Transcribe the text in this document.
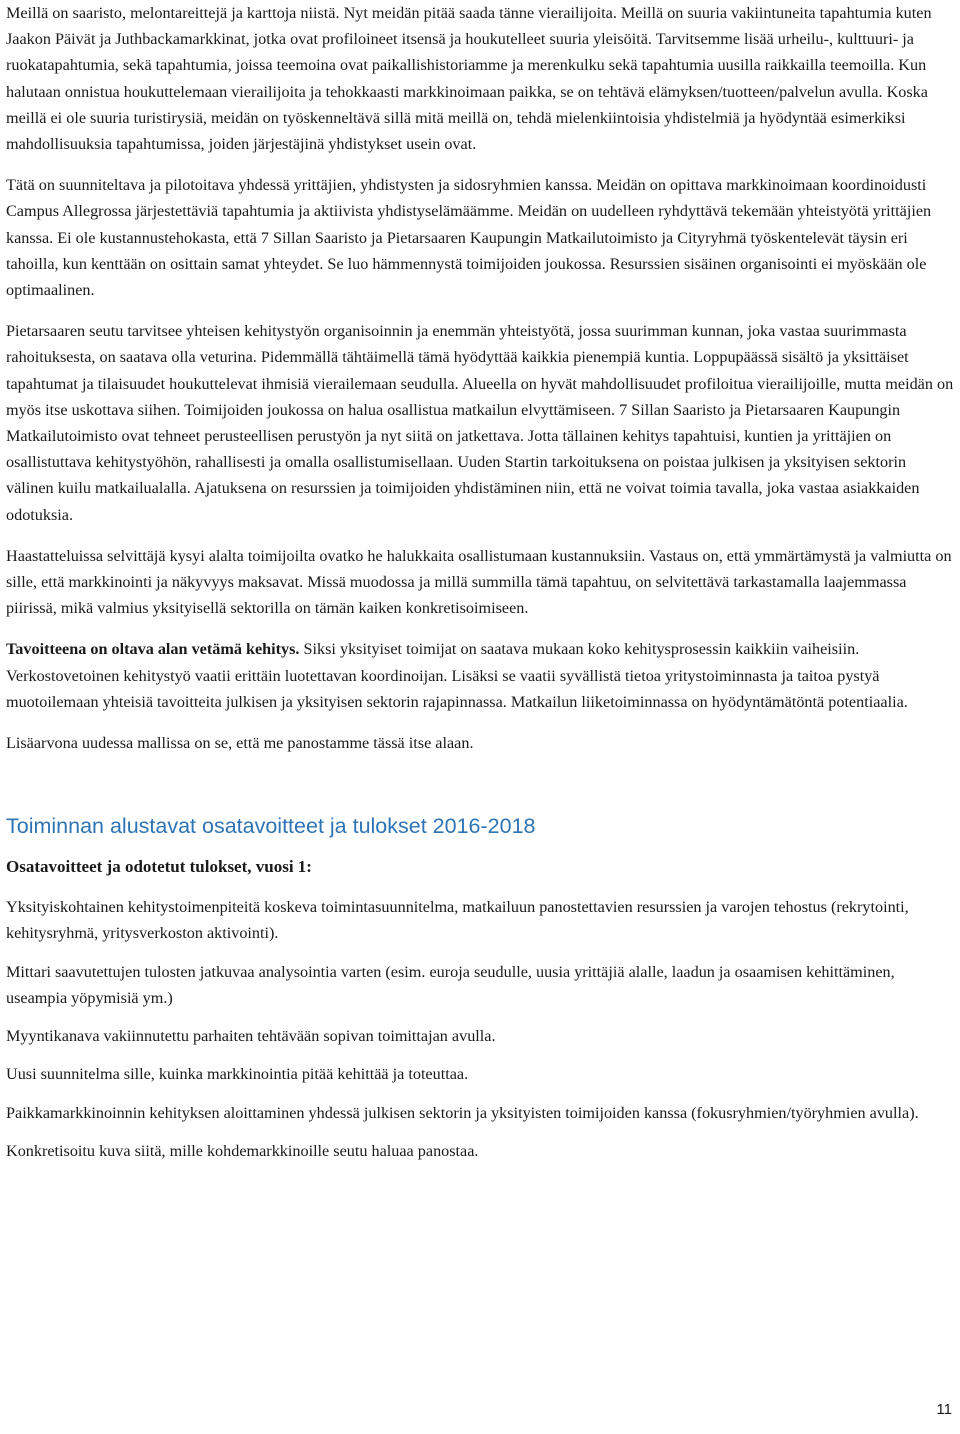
Meillä on saaristo, melontareittejä ja karttoja niistä. Nyt meidän pitää saada tänne vierailijoita. Meillä on suuria vakiintuneita tapahtumia kuten Jaakon Päivät ja Juthbackamarkkinat, jotka ovat profiloineet itsensä ja houkutelleet suuria yleisöitä. Tarvitsemme lisää urheilu-, kulttuuri- ja ruokatapahtumia, sekä tapahtumia, joissa teemoina ovat paikallishistoriamme ja merenkulku sekä tapahtumia uusilla raikkailla teemoilla. Kun halutaan onnistua houkuttelemaan vierailijoita ja tehokkaasti markkinoimaan paikka, se on tehtävä elämyksen/tuotteen/palvelun avulla. Koska meillä ei ole suuria turistirysiä, meidän on työskenneltävä sillä mitä meillä on, tehdä mielenkiintoisia yhdistelmiä ja hyödyntää esimerkiksi mahdollisuuksia tapahtumissa, joiden järjestäjinä yhdistykset usein ovat.

Tätä on suunniteltava ja pilotoitava yhdessä yrittäjien, yhdistysten ja sidosryhmien kanssa. Meidän on opittava markkinoimaan koordinoidusti Campus Allegrossa järjestettäviä tapahtumia ja aktiivista yhdistyselämäämme. Meidän on uudelleen ryhdyttävä tekemään yhteistyötä yrittäjien kanssa. Ei ole kustannustehokasta, että 7 Sillan Saaristo ja Pietarsaaren Kaupungin Matkailutoimisto ja Cityryhmä työskentelevät täysin eri tahoilla, kun kenttään on osittain samat yhteydet. Se luo hämmennystä toimijoiden joukossa. Resurssien sisäinen organisointi ei myöskään ole optimaalinen.

Pietarsaaren seutu tarvitsee yhteisen kehitystyön organisoinnin ja enemmän yhteistyötä, jossa suurimman kunnan, joka vastaa suurimmasta rahoituksesta, on saatava olla veturina. Pidemmällä tähtäimellä tämä hyödyttää kaikkia pienempiä kuntia. Loppupäässä sisältö ja yksittäiset tapahtumat ja tilaisuudet houkuttelevat ihmisiä vierailemaan seudulla. Alueella on hyvät mahdollisuudet profiloitua vierailijoille, mutta meidän on myös itse uskottava siihen. Toimijoiden joukossa on halua osallistua matkailun elvyttämiseen. 7 Sillan Saaristo ja Pietarsaaren Kaupungin Matkailutoimisto ovat tehneet perusteellisen perustyön ja nyt siitä on jatkettava. Jotta tällainen kehitys tapahtuisi, kuntien ja yrittäjien on osallistuttava kehitystyöhön, rahallisesti ja omalla osallistumisellaan. Uuden Startin tarkoituksena on poistaa julkisen ja yksityisen sektorin välinen kuilu matkailualalla. Ajatuksena on resurssien ja toimijoiden yhdistäminen niin, että ne voivat toimia tavalla, joka vastaa asiakkaiden odotuksia.

Haastatteluissa selvittäjä kysyi alalta toimijoilta ovatko he halukkaita osallistumaan kustannuksiin. Vastaus on, että ymmärtämystä ja valmiutta on sille, että markkinointi ja näkyvyys maksavat. Missä muodossa ja millä summilla tämä tapahtuu, on selvitettävä tarkastamalla laajemmassa piirissä, mikä valmius yksityisellä sektorilla on tämän kaiken konkretisoimiseen.

Tavoitteena on oltava alan vetämä kehitys. Siksi yksityiset toimijat on saatava mukaan koko kehitysprosessin kaikkiin vaiheisiin. Verkostovetoinen kehitystyö vaatii erittäin luotettavan koordinoijan. Lisäksi se vaatii syvällistä tietoa yritystoiminnasta ja taitoa pystyä muotoilemaan yhteisiä tavoitteita julkisen ja yksityisen sektorin rajapinnassa. Matkailun liiketoiminnassa on hyödyntämätöntä potentiaalia.

Lisäarvona uudessa mallissa on se, että me panostamme tässä itse alaan.

Toiminnan alustavat osatavoitteet ja tulokset 2016-2018
Osatavoitteet ja odotetut tulokset, vuosi 1:

Yksityiskohtainen kehitystoimenpiteitä koskeva toimintasuunnitelma, matkailuun panostettavien resurssien ja varojen tehostus (rekrytointi, kehitysryhmä, yritysverkoston aktivointi).

Mittari saavutettujen tulosten jatkuvaa analysointia varten (esim. euroja seudulle, uusia yrittäjiä alalle, laadun ja osaamisen kehittäminen, useampia yöpymisiä ym.)

Myyntikanava vakiinnutettu parhaiten tehtävään sopivan toimittajan avulla.

Uusi suunnitelma sille, kuinka markkinointia pitää kehittää ja toteuttaa.

Paikkamarkkinoinnin kehityksen aloittaminen yhdessä julkisen sektorin ja yksityisten toimijoiden kanssa (fokusryhmien/työryhmien avulla).

Konkretisoitu kuva siitä, mille kohdemarkkinoille seutu haluaa panostaa.

11
